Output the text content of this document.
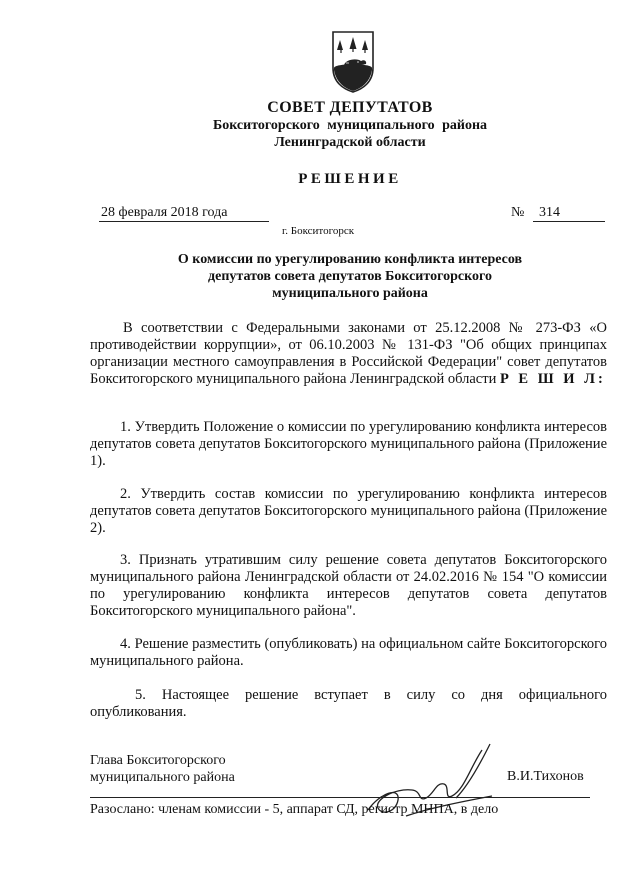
СОВЕТ ДЕПУТАТОВ
Бокситогорского муниципального района
Ленинградской области
РЕШЕНИЕ
28 февраля 2018 года	№	314
г. Бокситогорск
О комиссии по урегулированию конфликта интересов
депутатов совета депутатов Бокситогорского
муниципального района
В соответствии с Федеральными законами от 25.12.2008 № 273-ФЗ «О противодействии коррупции», от 06.10.2003 № 131-ФЗ "Об общих принципах организации местного самоуправления в Российской Федерации" совет депутатов Бокситогорского муниципального района Ленинградской области Р Е Ш И Л:
1. Утвердить Положение о комиссии по урегулированию конфликта интересов депутатов совета депутатов Бокситогорского муниципального района (Приложение 1).
2. Утвердить состав комиссии по урегулированию конфликта интересов депутатов совета депутатов Бокситогорского муниципального района (Приложение 2).
3. Признать утратившим силу решение совета депутатов Бокситогорского муниципального района Ленинградской области от 24.02.2016 № 154 "О комиссии по урегулированию конфликта интересов депутатов совета депутатов Бокситогорского муниципального района".
4. Решение разместить (опубликовать) на официальном сайте Бокситогорского муниципального района.
5. Настоящее решение вступает в силу со дня официального опубликования.
Глава Бокситогорского
муниципального района	В.И.Тихонов
Разослано: членам комиссии - 5, аппарат СД, регистр МНПА, в дело
